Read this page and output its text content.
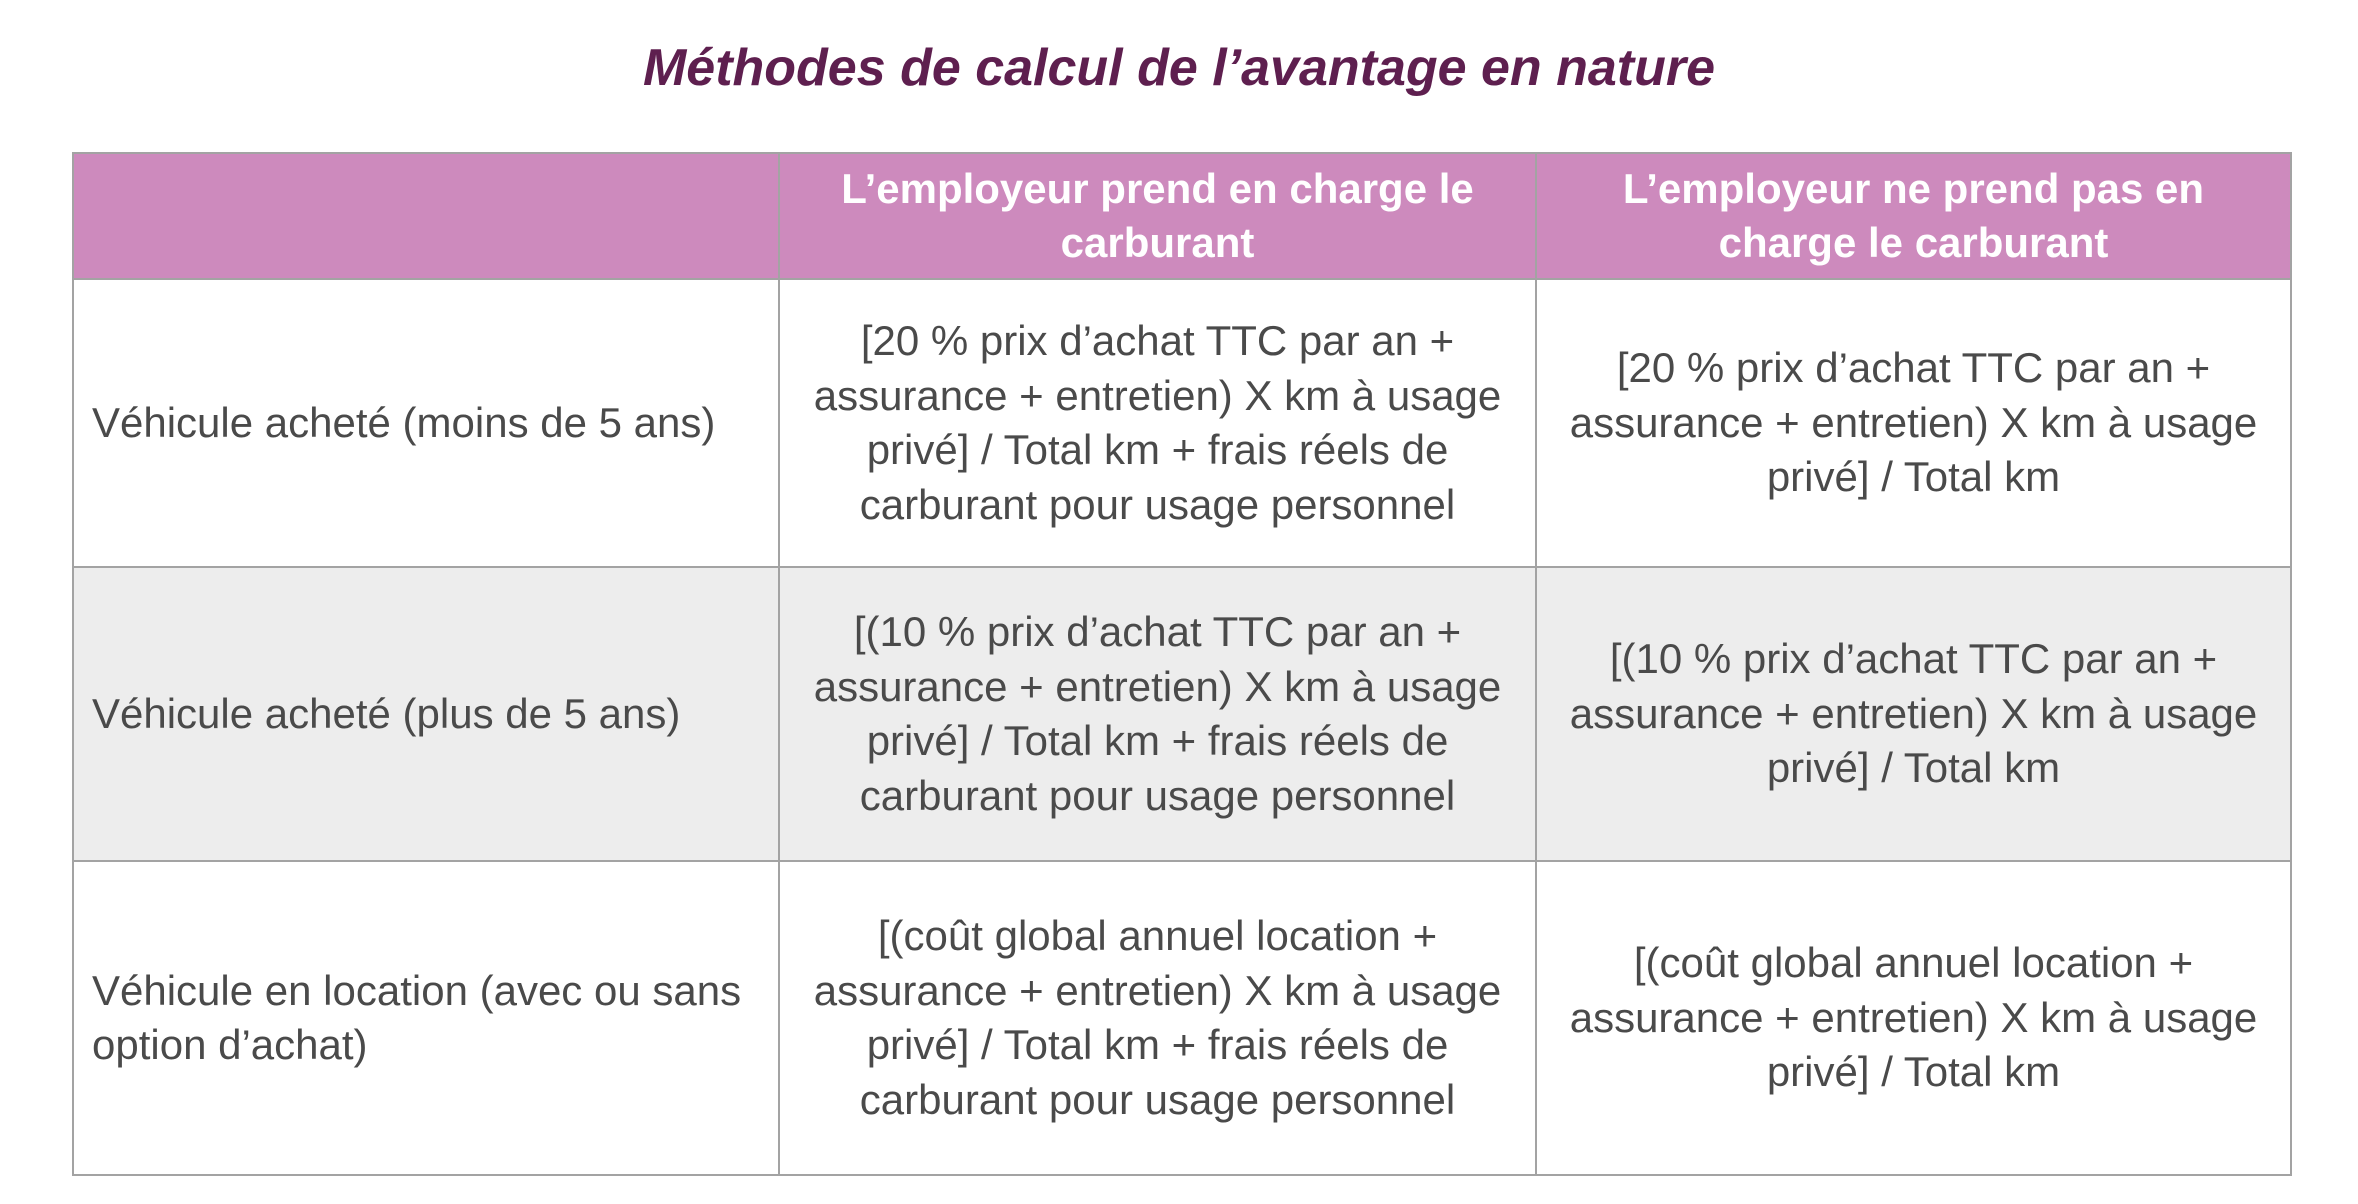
Méthodes de calcul de l’avantage en nature
	L’employeur prend en charge le carburant	L’employeur ne prend pas en charge le carburant
Véhicule acheté (moins de 5 ans)	[20 % prix d’achat TTC par an + assurance + entretien) X km à usage privé] / Total km + frais réels de carburant pour usage personnel	[20 % prix d’achat TTC par an + assurance + entretien) X km à usage privé] / Total km
Véhicule acheté (plus de 5 ans)	[(10 % prix d’achat TTC par an + assurance + entretien) X km à usage privé] / Total km + frais réels de carburant pour usage personnel	[(10 % prix d’achat TTC par an + assurance + entretien) X km à usage privé] / Total km
Véhicule en location (avec ou sans option d’achat)	[(coût global annuel location + assurance + entretien) X km à usage privé] / Total km + frais réels de carburant pour usage personnel	[(coût global annuel location + assurance + entretien) X km à usage privé] / Total km
